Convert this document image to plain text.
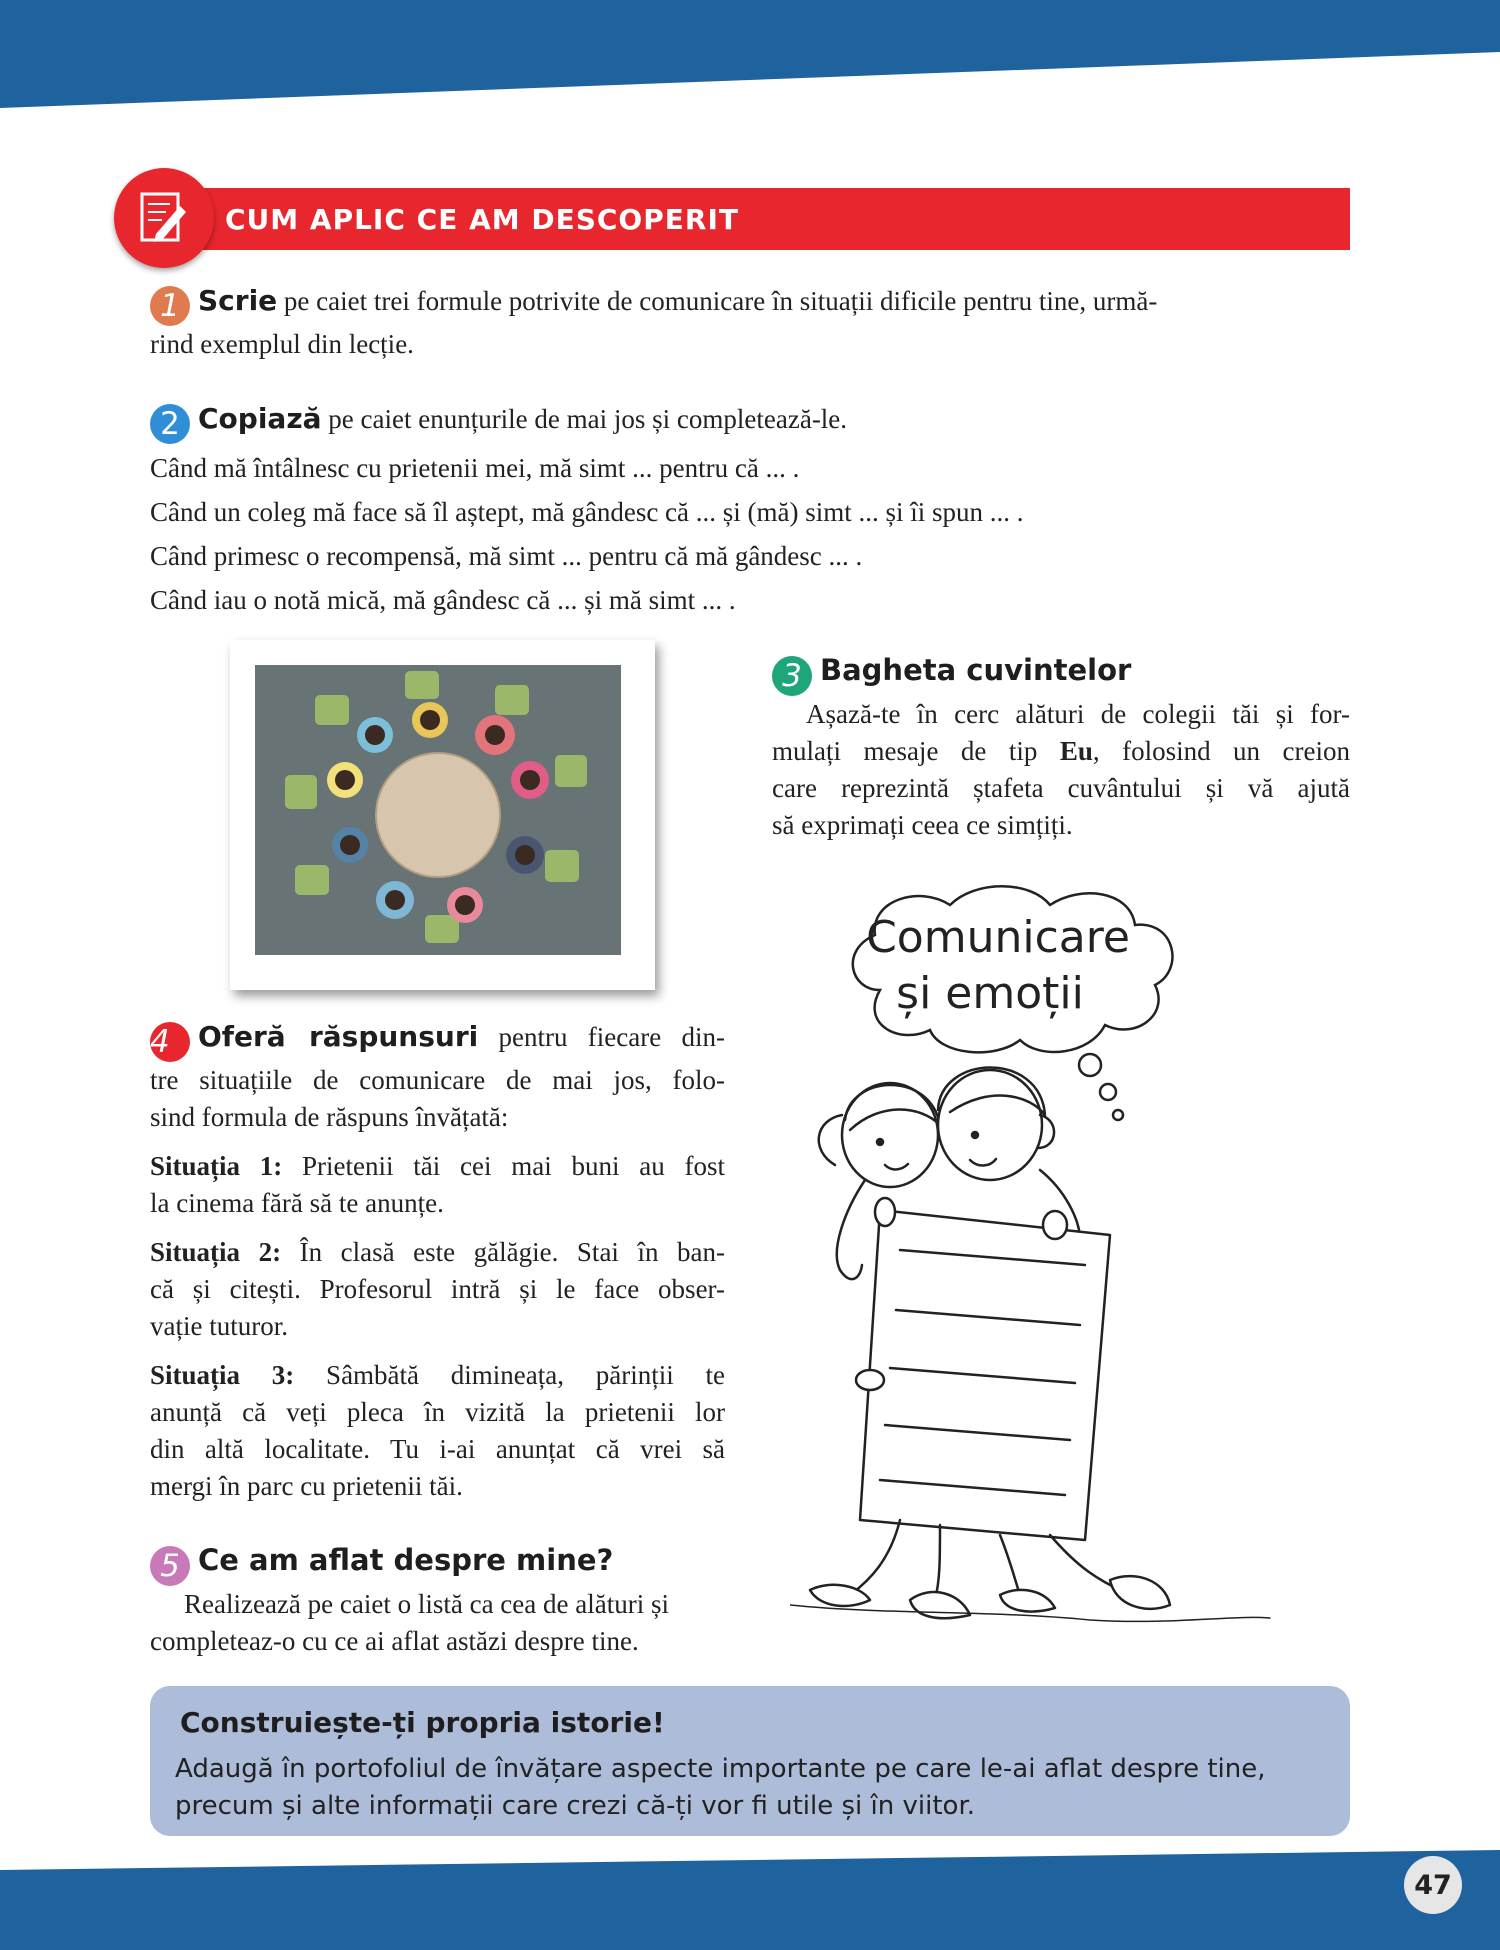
47
CUM APLIC CE AM DESCOPERIT

1 Scrie pe caiet trei formule potrivite de comunicare în situații dificile pentru tine, urmă-

rind exemplul din lecție.

2 Copiază pe caiet enunțurile de mai jos și completează-le.

Când mă întâlnesc cu prietenii mei, mă simt ... pentru că ... .
Când un coleg mă face să îl aștept, mă gândesc că ... și (mă) simt ... și îi spun ... .
Când primesc o recompensă, mă simt ... pentru că mă gândesc ... .
Când iau o notă mică, mă gândesc că ... și mă simt ... .

3 Bagheta cuvintelor

Așază-te în cerc alături de colegii tăi și for-

mulați mesaje de tip Eu, folosind un creion

care reprezintă ștafeta cuvântului și vă ajută

să exprimați ceea ce simțiți.

4 Oferă răspunsuri pentru fiecare din-

tre situațiile de comunicare de mai jos, folo-

sind formula de răspuns învățată:

Situația 1: Prietenii tăi cei mai buni au fost

la cinema fără să te anunțe.

Situația 2: În clasă este gălăgie. Stai în ban-

că și citești. Profesorul intră și le face obser-

vație tuturor.

Situația 3: Sâmbătă dimineața, părinții te

anunță că veți pleca în vizită la prietenii lor

din altă localitate. Tu i-ai anunțat că vrei să

mergi în parc cu prietenii tăi.

5 Ce am aflat despre mine?

Realizează pe caiet o listă ca cea de alături și

completeaz-o cu ce ai aflat astăzi despre tine.

Comunicare
și emoții
Construiește-ți propria istorie!
Adaugă în portofoliul de învățare aspecte importante pe care le-ai aflat despre tine,
precum și alte informații care crezi că-ți vor fi utile și în viitor.
